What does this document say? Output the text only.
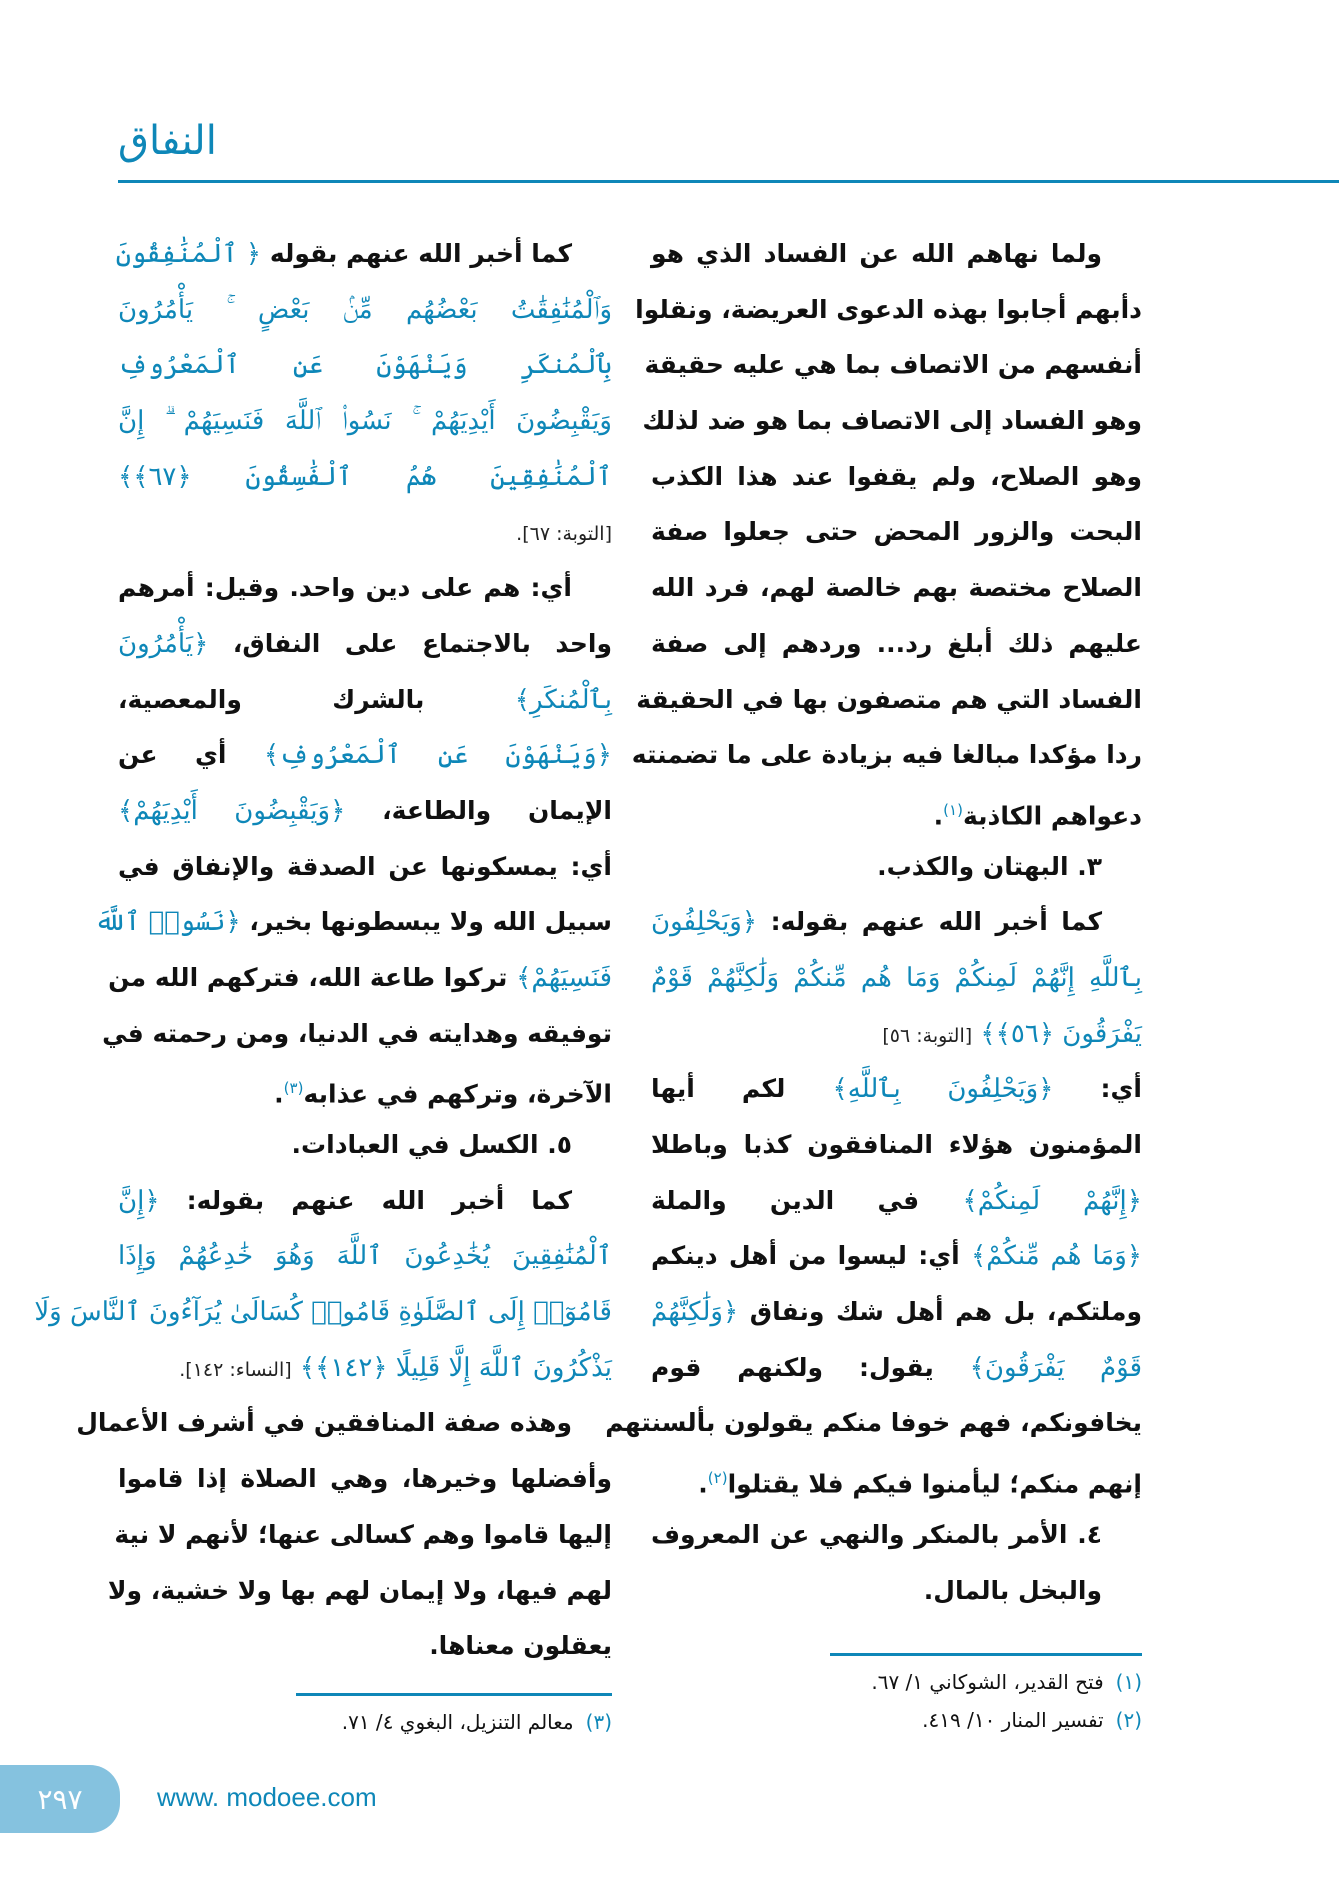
النفاق
ولما نهاهم الله عن الفساد الذي هو
دأبهم أجابوا بهذه الدعوى العريضة، ونقلوا
أنفسهم من الاتصاف بما هي عليه حقيقة
وهو الفساد إلى الاتصاف بما هو ضد لذلك
وهو الصلاح، ولم يقفوا عند هذا الكذب
البحت والزور المحض حتى جعلوا صفة
الصلاح مختصة بهم خالصة لهم، فرد الله
عليهم ذلك أبلغ رد... وردهم إلى صفة
الفساد التي هم متصفون بها في الحقيقة
ردا مؤكدا مبالغا فيه بزيادة على ما تضمنته
دعواهم الكاذبة$^{(١)}$.
٣. البهتان والكذب.
كما أخبر الله عنهم بقوله: ﴿وَيَحْلِفُونَ
بِٱللَّهِ إِنَّهُمْ لَمِنكُمْ وَمَا هُم مِّنكُمْ وَلَٰكِنَّهُمْ قَوْمٌ
يَفْرَقُونَ ﴿٥٦﴾﴾ [التوبة: ٥٦]
أي: ﴿وَيَحْلِفُونَ بِٱللَّهِ﴾ لكم أيها
المؤمنون هؤلاء المنافقون كذبا وباطلا
﴿إِنَّهُمْ لَمِنكُمْ﴾ في الدين والملة
﴿وَمَا هُم مِّنكُمْ﴾ أي: ليسوا من أهل دينكم
وملتكم، بل هم أهل شك ونفاق ﴿وَلَٰكِنَّهُمْ
قَوْمٌ يَفْرَقُونَ﴾ يقول: ولكنهم قوم
يخافونكم، فهم خوفا منكم يقولون بألسنتهم
إنهم منكم؛ ليأمنوا فيكم فلا يقتلوا$^{(٢)}$.
٤. الأمر بالمنكر والنهي عن المعروف
والبخل بالمال.
كما أخبر الله عنهم بقوله ﴿ ٱلْمُنَٰفِقُونَ
وَٱلْمُنَٰفِقَٰتُ بَعْضُهُم مِّنۢ بَعْضٍ ۚ يَأْمُرُونَ
بِٱلْمُنكَرِ وَيَنْهَوْنَ عَنِ ٱلْمَعْرُوفِ
وَيَقْبِضُونَ أَيْدِيَهُمْ ۚ نَسُوا۟ ٱللَّهَ فَنَسِيَهُمْ ۗ إِنَّ
ٱلْمُنَٰفِقِينَ هُمُ ٱلْفَٰسِقُونَ ﴿٦٧﴾﴾
[التوبة: ٦٧].
أي: هم على دين واحد. وقيل: أمرهم
واحد بالاجتماع على النفاق، ﴿يَأْمُرُونَ
بِٱلْمُنكَرِ﴾ بالشرك والمعصية،
﴿وَيَنْهَوْنَ عَنِ ٱلْمَعْرُوفِ﴾ أي عن
الإيمان والطاعة، ﴿وَيَقْبِضُونَ أَيْدِيَهُمْ﴾
أي: يمسكونها عن الصدقة والإنفاق في
سبيل الله ولا يبسطونها بخير، ﴿نَسُوا۟ ٱللَّهَ
فَنَسِيَهُمْ﴾ تركوا طاعة الله، فتركهم الله من
توفيقه وهدايته في الدنيا، ومن رحمته في
الآخرة، وتركهم في عذابه$^{(٣)}$.
٥. الكسل في العبادات.
كما أخبر الله عنهم بقوله: ﴿إِنَّ
ٱلْمُنَٰفِقِينَ يُخَٰدِعُونَ ٱللَّهَ وَهُوَ خَٰدِعُهُمْ وَإِذَا
قَامُوٓا۟ إِلَى ٱلصَّلَوٰةِ قَامُوا۟ كُسَالَىٰ يُرَآءُونَ ٱلنَّاسَ وَلَا
يَذْكُرُونَ ٱللَّهَ إِلَّا قَلِيلًا ﴿١٤٢﴾﴾ [النساء: ١٤٢].
وهذه صفة المنافقين في أشرف الأعمال
وأفضلها وخيرها، وهي الصلاة إذا قاموا
إليها قاموا وهم كسالى عنها؛ لأنهم لا نية
لهم فيها، ولا إيمان لهم بها ولا خشية، ولا
يعقلون معناها.
(١)فتح القدير، الشوكاني ١/ ٦٧.
(٢)تفسير المنار ١٠/ ٤١٩.
(٣)معالم التنزيل، البغوي ٤/ ٧١.
٢٩٧	www. modoee.com
